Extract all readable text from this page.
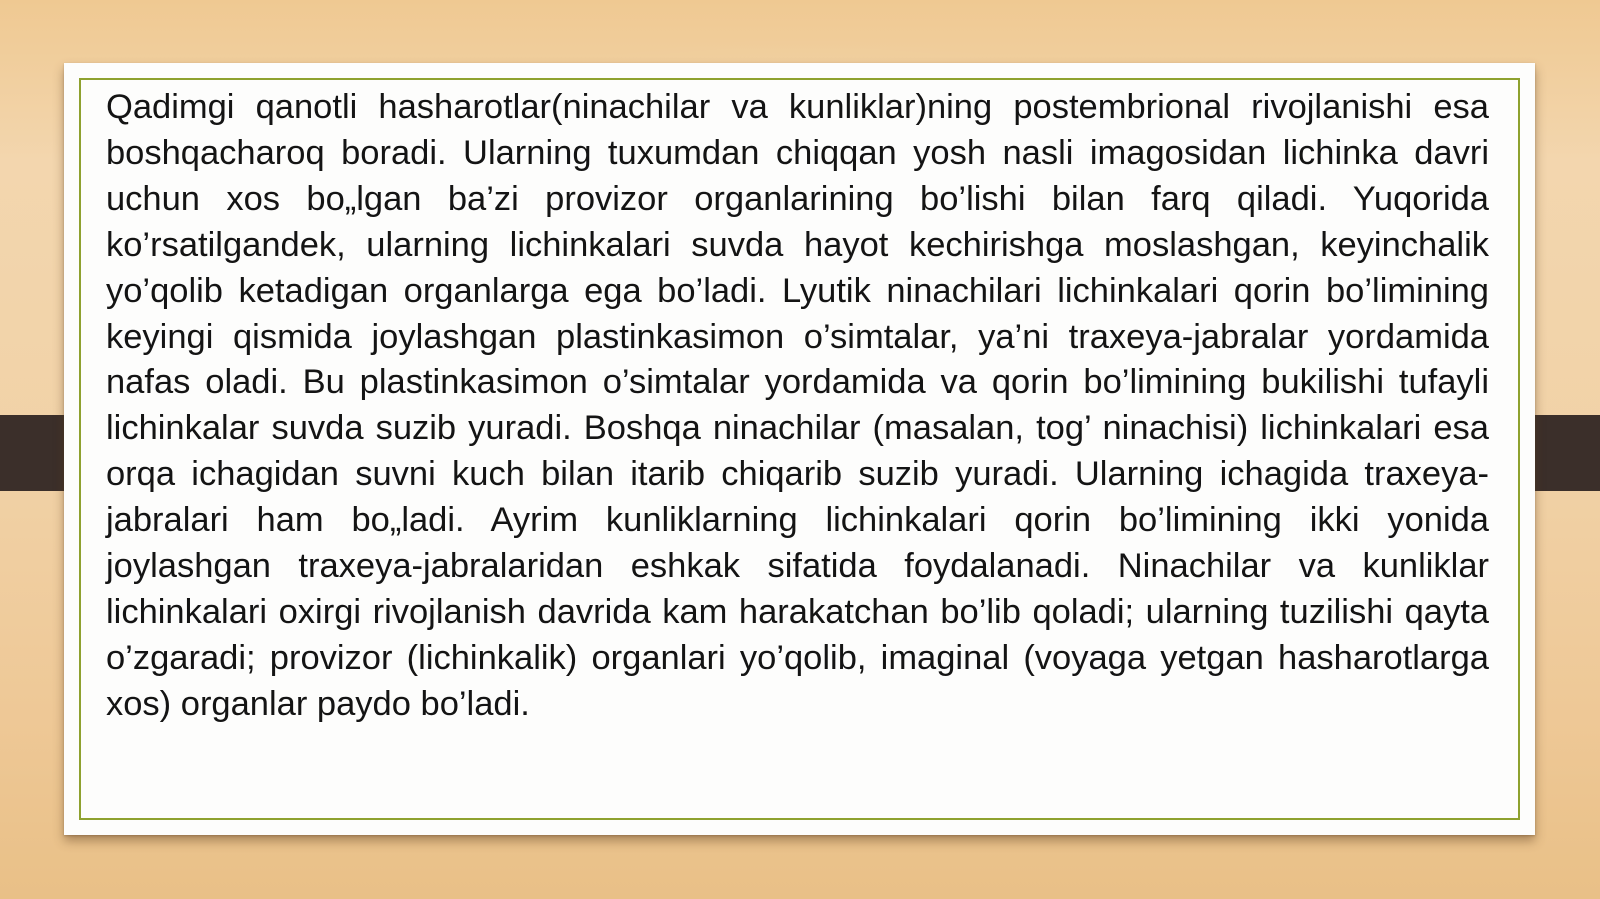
Qadimgi qanotli hasharotlar(ninachilar va kunliklar)ning postembrional rivojlanishi esa boshqacharoq boradi. Ularning tuxumdan chiqqan yosh nasli imagosidan lichinka davri uchun xos bo„lgan ba’zi provizor organlarining bo’lishi bilan farq qiladi. Yuqorida ko’rsatilgandek, ularning lichinkalari suvda hayot kechirishga moslashgan, keyinchalik yo’qolib ketadigan organlarga ega bo’ladi. Lyutik ninachilari lichinkalari qorin bo’limining keyingi qismida joylashgan plastinkasimon o’simtalar, ya’ni traxeya-jabralar yordamida nafas oladi. Bu plastinkasimon o’simtalar yordamida va qorin bo’limining bukilishi tufayli lichinkalar suvda suzib yuradi. Boshqa ninachilar (masalan, tog’ ninachisi) lichinkalari esa orqa ichagidan suvni kuch bilan itarib chiqarib suzib yuradi. Ularning ichagida traxeya-jabralari ham bo„ladi. Ayrim kunliklarning lichinkalari qorin bo’limining ikki yonida joylashgan traxeya-jabralaridan eshkak sifatida foydalanadi. Ninachilar va kunliklar lichinkalari oxirgi rivojlanish davrida kam harakatchan bo’lib qoladi; ularning tuzilishi qayta o’zgaradi; provizor (lichinkalik) organlari yo’qolib, imaginal (voyaga yetgan hasharotlarga xos) organlar paydo bo’ladi.
